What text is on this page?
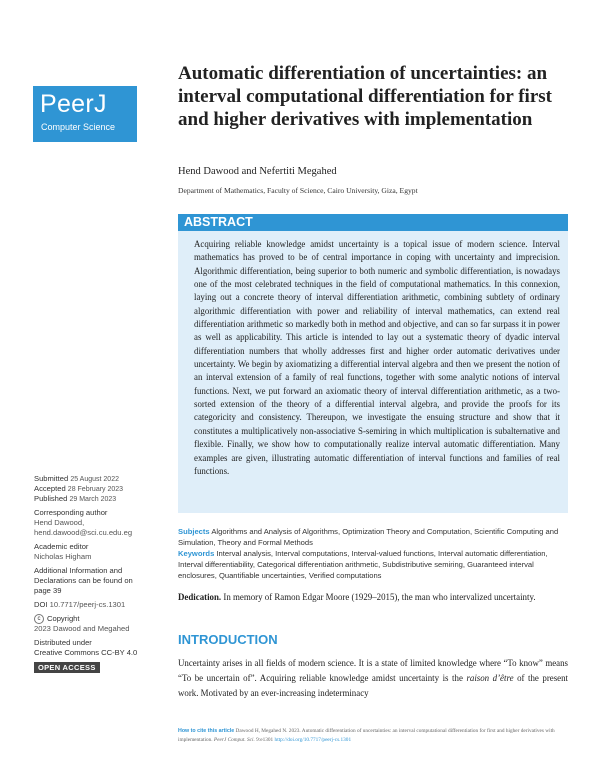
PeerJ
Computer Science
Automatic differentiation of uncertainties: an interval computational differentiation for first and higher derivatives with implementation
Hend Dawood and Nefertiti Megahed
Department of Mathematics, Faculty of Science, Cairo University, Giza, Egypt
ABSTRACT
Acquiring reliable knowledge amidst uncertainty is a topical issue of modern science. Interval mathematics has proved to be of central importance in coping with uncertainty and imprecision. Algorithmic differentiation, being superior to both numeric and symbolic differentiation, is nowadays one of the most celebrated techniques in the field of computational mathematics. In this connexion, laying out a concrete theory of interval differentiation arithmetic, combining subtlety of ordinary algorithmic differentiation with power and reliability of interval mathematics, can extend real differentiation arithmetic so markedly both in method and objective, and can so far surpass it in power as well as applicability. This article is intended to lay out a systematic theory of dyadic interval differentiation numbers that wholly addresses first and higher order automatic derivatives under uncertainty. We begin by axiomatizing a differential interval algebra and then we present the notion of an interval extension of a family of real functions, together with some analytic notions of interval functions. Next, we put forward an axiomatic theory of interval differentiation arithmetic, as a two-sorted extension of the theory of a differential interval algebra, and provide the proofs for its categoricity and consistency. Thereupon, we investigate the ensuing structure and show that it constitutes a multiplicatively non-associative S-semiring in which multiplication is subalternative and flexible. Finally, we show how to computationally realize interval automatic differentiation. Many examples are given, illustrating automatic differentiation of interval functions and families of real functions.
Submitted 25 August 2022
Accepted 28 February 2023
Published 29 March 2023
Corresponding author
Hend Dawood,
hend.dawood@sci.cu.edu.eg
Academic editor
Nicholas Higham
Additional Information and
Declarations can be found on
page 39
DOI 10.7717/peerj-cs.1301
c Copyright
2023 Dawood and Megahed
Distributed under
Creative Commons CC-BY 4.0
OPEN ACCESS
Subjects Algorithms and Analysis of Algorithms, Optimization Theory and Computation, Scientific Computing and Simulation, Theory and Formal Methods
Keywords Interval analysis, Interval computations, Interval-valued functions, Interval automatic differentiation, Interval differentiability, Categorical differentiation arithmetic, Subdistributive semiring, Guaranteed interval enclosures, Quantifiable uncertainties, Verified computations
Dedication. In memory of Ramon Edgar Moore (1929–2015), the man who intervalized uncertainty.
INTRODUCTION
Uncertainty arises in all fields of modern science. It is a state of limited knowledge where “To know” means “To be uncertain of”. Acquiring reliable knowledge amidst uncertainty is the raison d’être of the present work. Motivated by an ever-increasing indeterminacy
How to cite this article Dawood H, Megahed N. 2023. Automatic differentiation of uncertainties: an interval computational differentiation for first and higher derivatives with implementation. PeerJ Comput. Sci. 9:e1301 http://doi.org/10.7717/peerj-cs.1301
